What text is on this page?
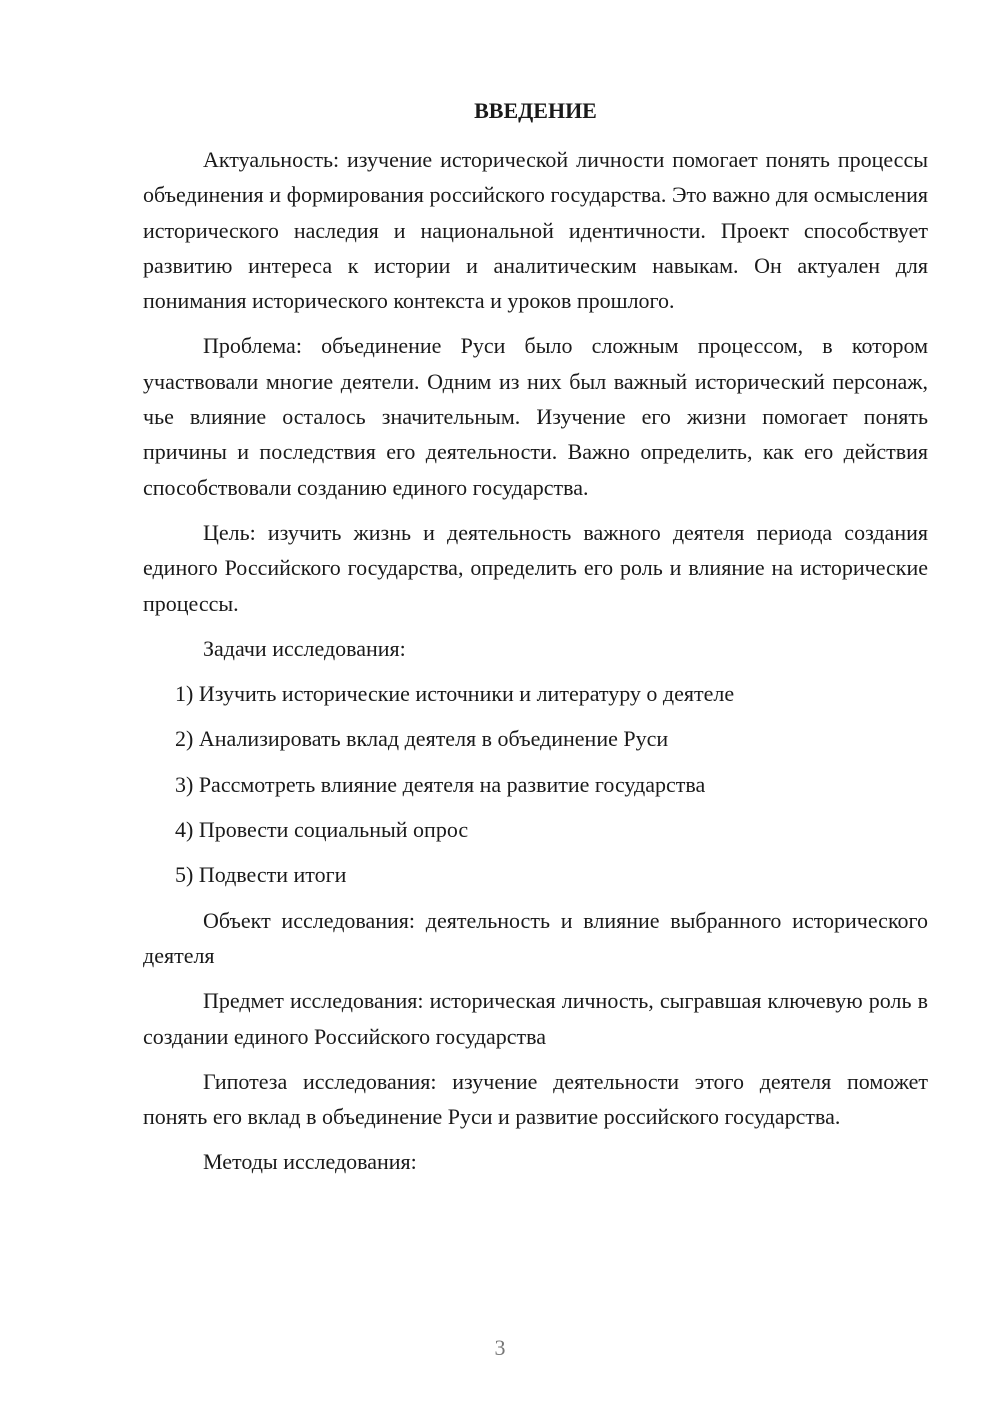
ВВЕДЕНИЕ

Актуальность: изучение исторической личности помогает понять процессы объединения и формирования российского государства. Это важно для осмысления исторического наследия и национальной идентичности. Проект способствует развитию интереса к истории и аналитическим навыкам. Он актуален для понимания исторического контекста и уроков прошлого.

Проблема: объединение Руси было сложным процессом, в котором участвовали многие деятели. Одним из них был важный исторический персонаж, чье влияние осталось значительным. Изучение его жизни помогает понять причины и последствия его деятельности. Важно определить, как его действия способствовали созданию единого государства.

Цель: изучить жизнь и деятельность важного деятеля периода создания единого Российского государства, определить его роль и влияние на исторические процессы.

Задачи исследования:

1) Изучить исторические источники и литературу о деятеле
2) Анализировать вклад деятеля в объединение Руси
3) Рассмотреть влияние деятеля на развитие государства
4) Провести социальный опрос
5) Подвести итоги

Объект исследования: деятельность и влияние выбранного исторического деятеля

Предмет исследования: историческая личность, сыгравшая ключевую роль в создании единого Российского государства

Гипотеза исследования: изучение деятельности этого деятеля поможет понять его вклад в объединение Руси и развитие российского государства.

Методы исследования:

3
